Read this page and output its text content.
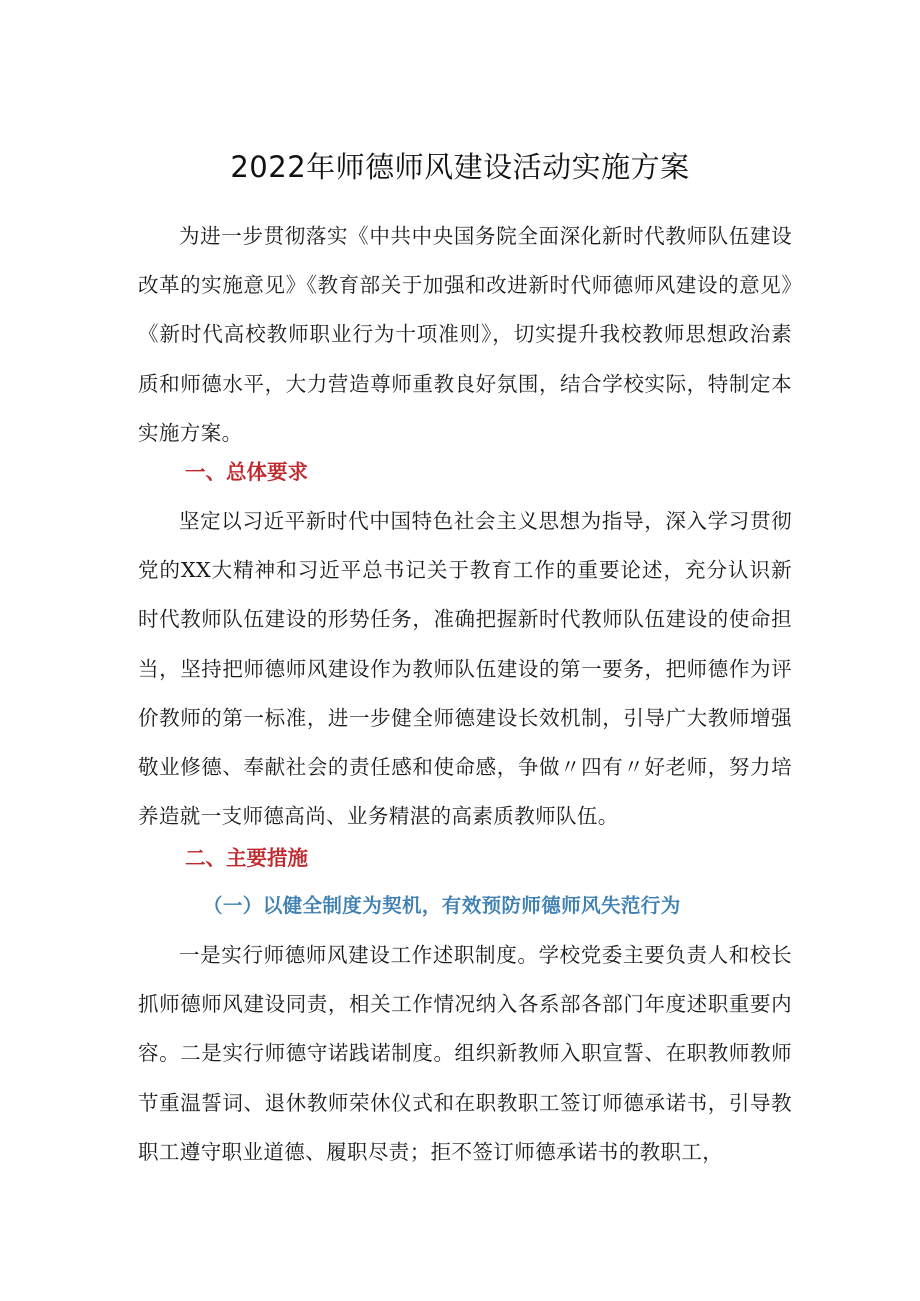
2022年师德师风建设活动实施方案

为进一步贯彻落实《中共中央国务院全面深化新时代教师队伍建设改革的实施意见》《教育部关于加强和改进新时代师德师风建设的意见》《新时代高校教师职业行为十项准则》，切实提升我校教师思想政治素质和师德水平，大力营造尊师重教良好氛围，结合学校实际，特制定本实施方案。

一、总体要求

坚定以习近平新时代中国特色社会主义思想为指导，深入学习贯彻党的XX大精神和习近平总书记关于教育工作的重要论述，充分认识新时代教师队伍建设的形势任务，准确把握新时代教师队伍建设的使命担当，坚持把师德师风建设作为教师队伍建设的第一要务，把师德作为评价教师的第一标准，进一步健全师德建设长效机制，引导广大教师增强敬业修德、奉献社会的责任感和使命感，争做〃四有〃好老师，努力培养造就一支师德高尚、业务精湛的高素质教师队伍。

二、主要措施
（一）以健全制度为契机，有效预防师德师风失范行为

一是实行师德师风建设工作述职制度。学校党委主要负责人和校长抓师德师风建设同责，相关工作情况纳入各系部各部门年度述职重要内容。二是实行师德守诺践诺制度。组织新教师入职宣誓、在职教师教师节重温誓词、退休教师荣休仪式和在职教职工签订师德承诺书，引导教职工遵守职业道德、履职尽责；拒不签订师德承诺书的教职工，
